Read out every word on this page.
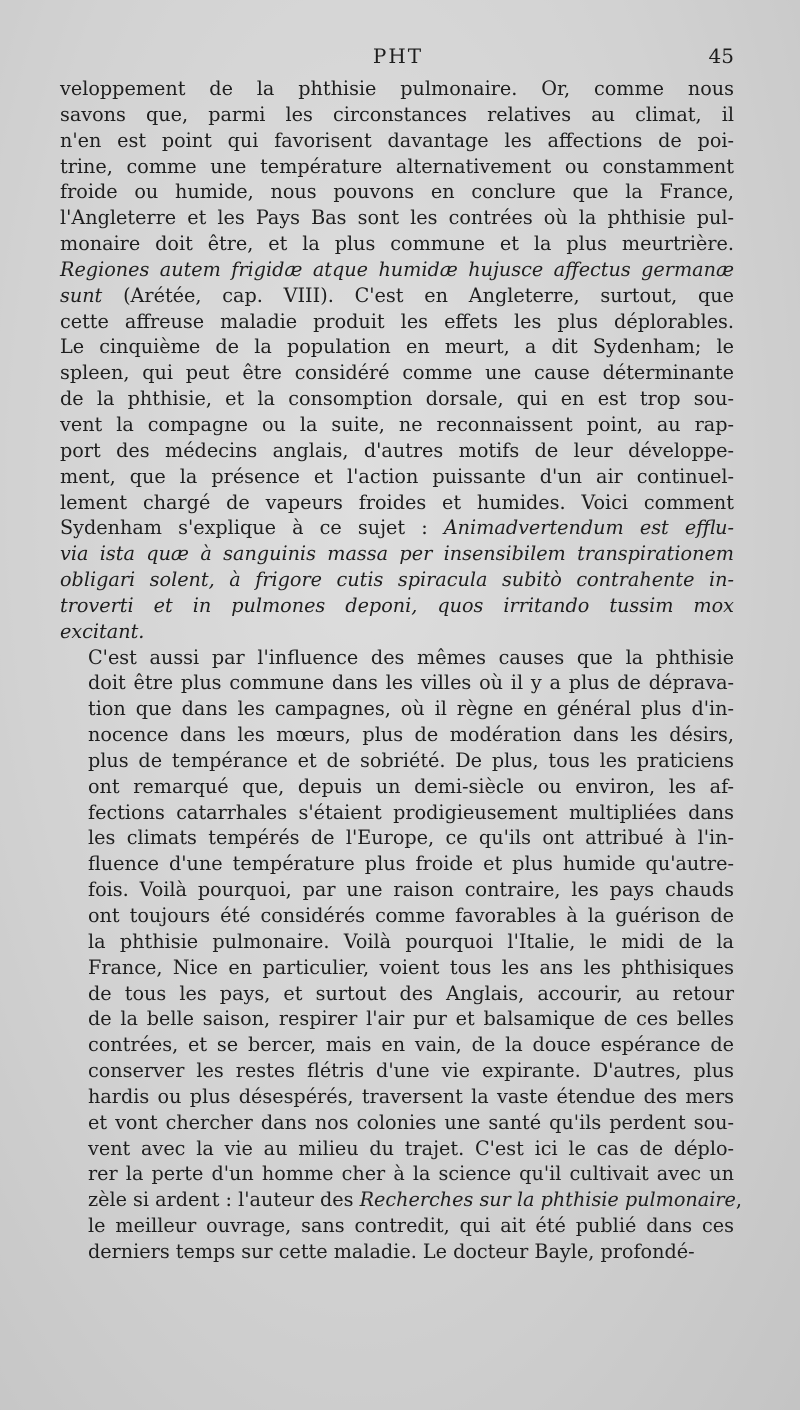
PHT	45
veloppement de la phthisie pulmonaire. Or, comme nous
savons que, parmi les circonstances relatives au climat, il
n'en est point qui favorisent davantage les affections de poi-
trine, comme une température alternativement ou constamment
froide ou humide, nous pouvons en conclure que la France,
l'Angleterre et les Pays Bas sont les contrées où la phthisie pul-
monaire doit être, et la plus commune et la plus meurtrière.
Regiones autem frigidæ atque humidæ hujusce affectus germanæ
sunt (Arétée, cap. VIII). C'est en Angleterre, surtout, que
cette affreuse maladie produit les effets les plus déplorables.
Le cinquième de la population en meurt, a dit Sydenham; le
spleen, qui peut être considéré comme une cause déterminante
de la phthisie, et la consomption dorsale, qui en est trop sou-
vent la compagne ou la suite, ne reconnaissent point, au rap-
port des médecins anglais, d'autres motifs de leur développe-
ment, que la présence et l'action puissante d'un air continuel-
lement chargé de vapeurs froides et humides. Voici comment
Sydenham s'explique à ce sujet : Animadvertendum est efflu-
via ista quæ à sanguinis massa per insensibilem transpirationem
obligari solent, à frigore cutis spiracula subitò contrahente in-
troverti et in pulmones deponi, quos irritando tussim mox
excitant.
C'est aussi par l'influence des mêmes causes que la phthisie
doit être plus commune dans les villes où il y a plus de déprava-
tion que dans les campagnes, où il règne en général plus d'in-
nocence dans les mœurs, plus de modération dans les désirs,
plus de tempérance et de sobriété. De plus, tous les praticiens
ont remarqué que, depuis un demi-siècle ou environ, les af-
fections catarrhales s'étaient prodigieusement multipliées dans
les climats tempérés de l'Europe, ce qu'ils ont attribué à l'in-
fluence d'une température plus froide et plus humide qu'autre-
fois. Voilà pourquoi, par une raison contraire, les pays chauds
ont toujours été considérés comme favorables à la guérison de
la phthisie pulmonaire. Voilà pourquoi l'Italie, le midi de la
France, Nice en particulier, voient tous les ans les phthisiques
de tous les pays, et surtout des Anglais, accourir, au retour
de la belle saison, respirer l'air pur et balsamique de ces belles
contrées, et se bercer, mais en vain, de la douce espérance de
conserver les restes flétris d'une vie expirante. D'autres, plus
hardis ou plus désespérés, traversent la vaste étendue des mers
et vont chercher dans nos colonies une santé qu'ils perdent sou-
vent avec la vie au milieu du trajet. C'est ici le cas de déplo-
rer la perte d'un homme cher à la science qu'il cultivait avec un
zèle si ardent : l'auteur des Recherches sur la phthisie pulmonaire,
le meilleur ouvrage, sans contredit, qui ait été publié dans ces
derniers temps sur cette maladie. Le docteur Bayle, profondé-
